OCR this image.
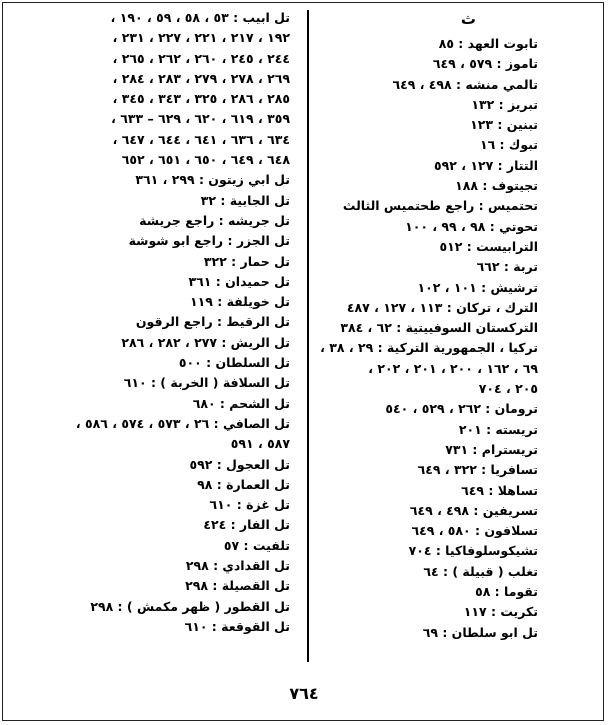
ث
تابوت العهد : ٨٥
تاموز : ٥٧٩ ، ٦٤٩
تالمي منشه : ٤٩٨ ، ٦٤٩
تبريز : ١٣٢
تبنين : ١٢٣
تبوك : ١٦
التتار : ١٢٧ ، ٥٩٢
تجيتوف : ١٨٨
تحتميس : راجع طحتميس الثالث
تحوتي : ٩٨ ، ٩٩ ، ١٠٠
الترابيست : ٥١٢
تربة : ٦٦٢
ترشيش : ١٠١ ، ١٠٢
الترك ، تركان : ١١٣ ، ١٢٧ ، ٤٨٧
التركستان السوفييتية : ٦٢ ، ٣٨٤
تركيا ، الجمهورية التركية : ٢٩ ، ٣٨ ،
٦٩ ، ١٦٢ ، ٢٠٠ ، ٢٠١ ، ٢٠٢ ،
٢٠٥ ، ٧٠٤
ترومان : ٢٦٢ ، ٥٢٩ ، ٥٤٠
تريسته : ٢٠١
تريسترام : ٧٣١
تسافريا : ٣٢٢ ، ٦٤٩
تساهلا : ٦٤٩
تسريفين : ٤٩٨ ، ٦٤٩
تسلافون : ٥٨٠ ، ٦٤٩
تشيكوسلوفاكيا : ٧٠٤
تغلب ( قبيلة ) : ٦٤
تقوما : ٥٨
تكريت : ١١٧
تل ابو سلطان : ٦٩
تل ابيب : ٥٣ ، ٥٨ ، ٥٩ ، ١٩٠ ،
١٩٢ ، ٢١٧ ، ٢٢١ ، ٢٢٧ ، ٢٣١ ،
٢٤٤ ، ٢٤٥ ، ٢٦٠ ، ٢٦٢ ، ٢٦٥ ،
٢٦٩ ، ٢٧٨ ، ٢٧٩ ، ٢٨٣ ، ٢٨٤ ،
٢٨٥ ، ٢٨٦ ، ٣٢٥ ، ٣٤٣ ، ٣٤٥ ،
٣٥٩ ، ٦١٩ ، ٦٢٠ ، ٦٢٩ – ٦٣٣ ،
٦٣٤ ، ٦٣٦ ، ٦٤١ ، ٦٤٤ ، ٦٤٧ ،
٦٤٨ ، ٦٤٩ ، ٦٥٠ ، ٦٥١ ، ٦٥٢
تل ابي زيتون : ٢٩٩ ، ٣٦١
تل الجابية : ٣٢
تل جريشه : راجع جريشة
تل الجزر : راجع ابو شوشة
تل حمار : ٣٢٢
تل حميدان : ٣٦١
تل خويلفة : ١١٩
تل الرقيط : راجع الرقون
تل الريش : ٢٧٧ ، ٢٨٢ ، ٢٨٦
تل السلطان : ٥٠٠
تل السلافة ( الخربة ) : ٦١٠
تل الشحم : ٦٨٠
تل الصافي : ٢٦ ، ٥٧٣ ، ٥٧٤ ، ٥٨٦ ،
٥٨٧ ، ٥٩١
تل العجول : ٥٩٢
تل العمارة : ٩٨
تل غزة : ٦١٠
تل الفار : ٤٢٤
تلفيت : ٥٧
تل القدادي : ٢٩٨
تل القصيلة : ٢٩٨
تل القطور ( ظهر مكمش ) : ٢٩٨
تل القوقعة : ٦١٠
٧٦٤
